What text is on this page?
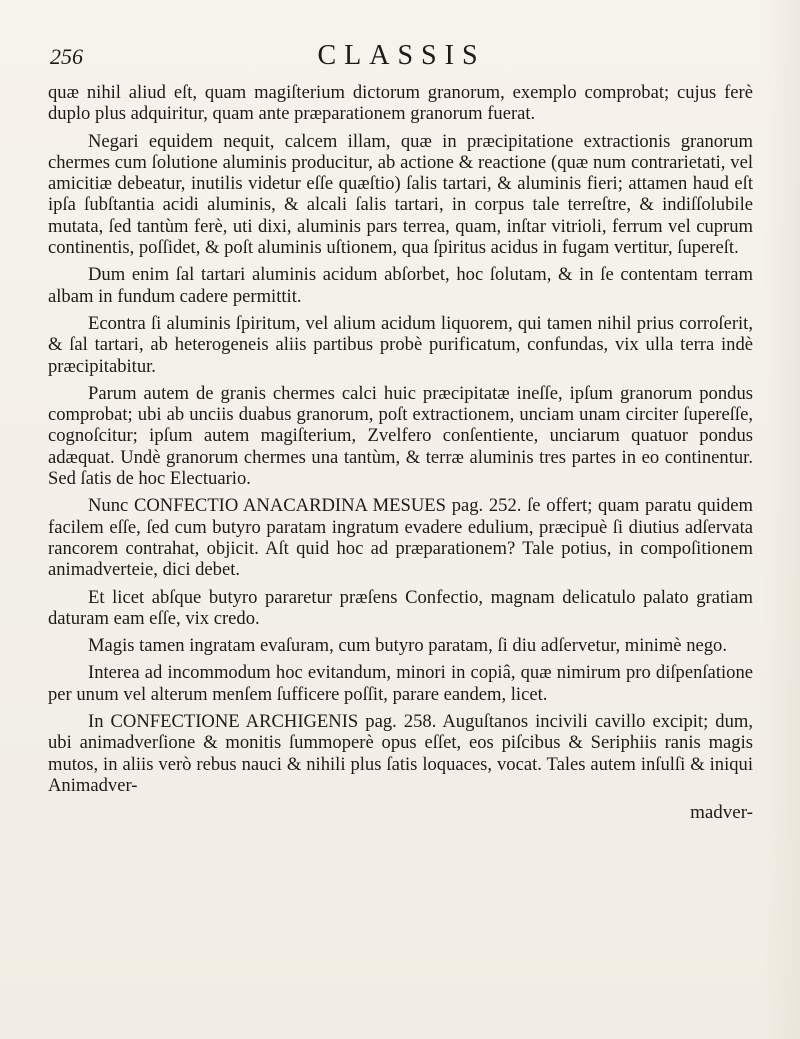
256	CLASSIS

quæ nihil aliud eſt, quam magiſterium dictorum granorum, exemplo comprobat; cujus ferè duplo plus adquiritur, quam ante præparationem granorum fuerat.

Negari equidem nequit, calcem illam, quæ in præcipitatione extractionis granorum chermes cum ſolutione aluminis producitur, ab actione & reactione (quæ num contrarietati, vel amicitiæ debeatur, inutilis videtur eſſe quæſtio) ſalis tartari, & aluminis fieri; attamen haud eſt ipſa ſubſtantia acidi aluminis, & alcali ſalis tartari, in corpus tale terreſtre, & indiſſolubile mutata, ſed tantùm ferè, uti dixi, aluminis pars terrea, quam, inſtar vitrioli, ferrum vel cuprum continentis, poſſidet, & poſt aluminis uſtionem, qua ſpiritus acidus in fugam vertitur, ſupereſt.

Dum enim ſal tartari aluminis acidum abſorbet, hoc ſolutam, & in ſe contentam terram albam in fundum cadere permittit.

Econtra ſi aluminis ſpiritum, vel alium acidum liquorem, qui tamen nihil prius corroſerit, & ſal tartari, ab heterogeneis aliis partibus probè purificatum, confundas, vix ulla terra indè præcipitabitur.

Parum autem de granis chermes calci huic præcipitatæ ineſſe, ipſum granorum pondus comprobat; ubi ab unciis duabus granorum, poſt extractionem, unciam unam circiter ſupereſſe, cognoſcitur; ipſum autem magiſterium, Zvelfero conſentiente, unciarum quatuor pondus adæquat. Undè granorum chermes una tantùm, & terræ aluminis tres partes in eo continentur. Sed ſatis de hoc Electuario.

Nunc CONFECTIO ANACARDINA MESUES pag. 252. ſe offert; quam paratu quidem facilem eſſe, ſed cum butyro paratam ingratum evadere edulium, præcipuè ſi diutius adſervata rancorem contrahat, objicit. Aſt quid hoc ad præparationem? Tale potius, in compoſitionem animadverteie, dici debet.

Et licet abſque butyro pararetur præſens Confectio, magnam delicatulo palato gratiam daturam eam eſſe, vix credo.

Magis tamen ingratam evaſuram, cum butyro paratam, ſi diu adſervetur, minimè nego.

Interea ad incommodum hoc evitandum, minori in copiâ, quæ nimirum pro diſpenſatione per unum vel alterum menſem ſufficere poſſit, parare eandem, licet.

In CONFECTIONE ARCHIGENIS pag. 258. Auguſtanos incivili cavillo excipit; dum, ubi animadverſione & monitis ſummoperè opus eſſet, eos piſcibus & Seriphiis ranis magis mutos, in aliis verò rebus nauci & nihili plus ſatis loquaces, vocat. Tales autem inſulſi & iniqui Animadver-

madver-
